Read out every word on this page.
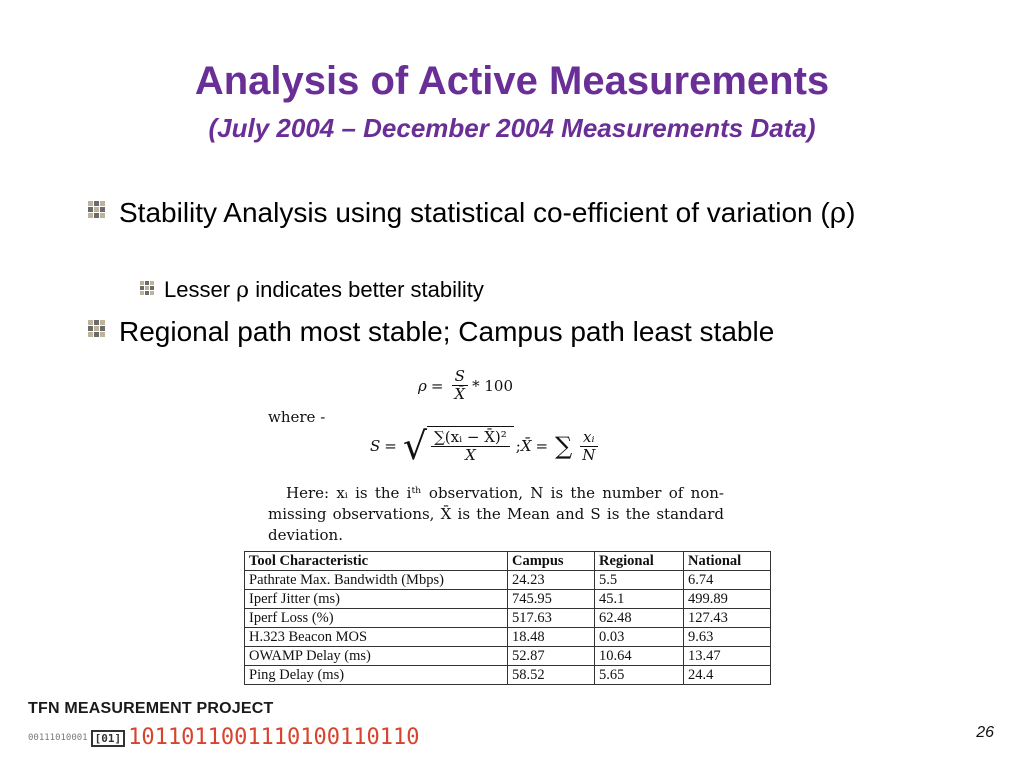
Analysis of Active Measurements
(July 2004 – December 2004 Measurements Data)
Stability Analysis using statistical co-efficient of variation (ρ)
Lesser ρ indicates better stability
Regional path most stable; Campus path least stable
$\rho = \frac{S}{X̄} * 100$
where -
S = √ $\frac{\text{∑(xᵢ − X̄)²}}{X}$ ; X̄ = ∑ $\frac{\text{xᵢ}}{N}$

Here: xᵢ is the iᵗʰ observation, N is the number of non-missing observations, X̄ is the Mean and S is the standard deviation.

Tool Characteristic	Campus	Regional	National
Pathrate Max. Bandwidth (Mbps)	24.23	5.5	6.74
Iperf Jitter (ms)	745.95	45.1	499.89
Iperf Loss (%)	517.63	62.48	127.43
H.323 Beacon MOS	18.48	0.03	9.63
OWAMP Delay (ms)	52.87	10.64	13.47
Ping Delay (ms)	58.52	5.65	24.4
TFN MEASUREMENT PROJECT
00111010001 [01] 1011011001110100110110	26
